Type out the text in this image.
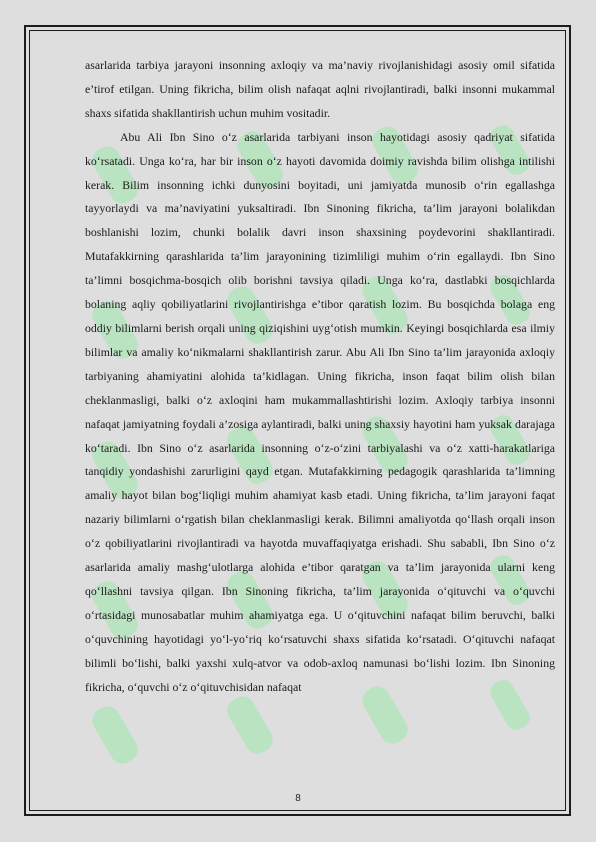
asarlarida tarbiya jarayoni insonning axloqiy va ma’naviy rivojlanishidagi asosiy omil sifatida e’tirof etilgan. Uning fikricha, bilim olish nafaqat aqlni rivojlantiradi, balki insonni mukammal shaxs sifatida shakllantirish uchun muhim vositadir.

Abu Ali Ibn Sino o‘z asarlarida tarbiyani inson hayotidagi asosiy qadriyat sifatida ko‘rsatadi. Unga ko‘ra, har bir inson o‘z hayoti davomida doimiy ravishda bilim olishga intilishi kerak. Bilim insonning ichki dunyosini boyitadi, uni jamiyatda munosib o‘rin egallashga tayyorlaydi va ma’naviyatini yuksaltiradi. Ibn Sinoning fikricha, ta’lim jarayoni bolalikdan boshlanishi lozim, chunki bolalik davri inson shaxsining poydevorini shakllantiradi. Mutafakkirning qarashlarida ta’lim jarayonining tizimliligi muhim o‘rin egallaydi. Ibn Sino ta’limni bosqichma-bosqich olib borishni tavsiya qiladi. Unga ko‘ra, dastlabki bosqichlarda bolaning aqliy qobiliyatlarini rivojlantirishga e’tibor qaratish lozim. Bu bosqichda bolaga eng oddiy bilimlarni berish orqali uning qiziqishini uyg‘otish mumkin. Keyingi bosqichlarda esa ilmiy bilimlar va amaliy ko‘nikmalarni shakllantirish zarur. Abu Ali Ibn Sino ta’lim jarayonida axloqiy tarbiyaning ahamiyatini alohida ta’kidlagan. Uning fikricha, inson faqat bilim olish bilan cheklanmasligi, balki o‘z axloqini ham mukammallashtirishi lozim. Axloqiy tarbiya insonni nafaqat jamiyatning foydali a’zosiga aylantiradi, balki uning shaxsiy hayotini ham yuksak darajaga ko‘taradi. Ibn Sino o‘z asarlarida insonning o‘z-o‘zini tarbiyalashi va o‘z xatti-harakatlariga tanqidiy yondashishi zarurligini qayd etgan. Mutafakkirning pedagogik qarashlarida ta’limning amaliy hayot bilan bog‘liqligi muhim ahamiyat kasb etadi. Uning fikricha, ta’lim jarayoni faqat nazariy bilimlarni o‘rgatish bilan cheklanmasligi kerak. Bilimni amaliyotda qo‘llash orqali inson o‘z qobiliyatlarini rivojlantiradi va hayotda muvaffaqiyatga erishadi. Shu sababli, Ibn Sino o‘z asarlarida amaliy mashg‘ulotlarga alohida e’tibor qaratgan va ta’lim jarayonida ularni keng qo‘llashni tavsiya qilgan. Ibn Sinoning fikricha, ta’lim jarayonida o‘qituvchi va o‘quvchi o‘rtasidagi munosabatlar muhim ahamiyatga ega. U o‘qituvchini nafaqat bilim beruvchi, balki o‘quvchining hayotidagi yo‘l-yo‘riq ko‘rsatuvchi shaxs sifatida ko‘rsatadi. O‘qituvchi nafaqat bilimli bo‘lishi, balki yaxshi xulq-atvor va odob-axloq namunasi bo‘lishi lozim. Ibn Sinoning fikricha, o‘quvchi o‘z o‘qituvchisidan nafaqat

8
